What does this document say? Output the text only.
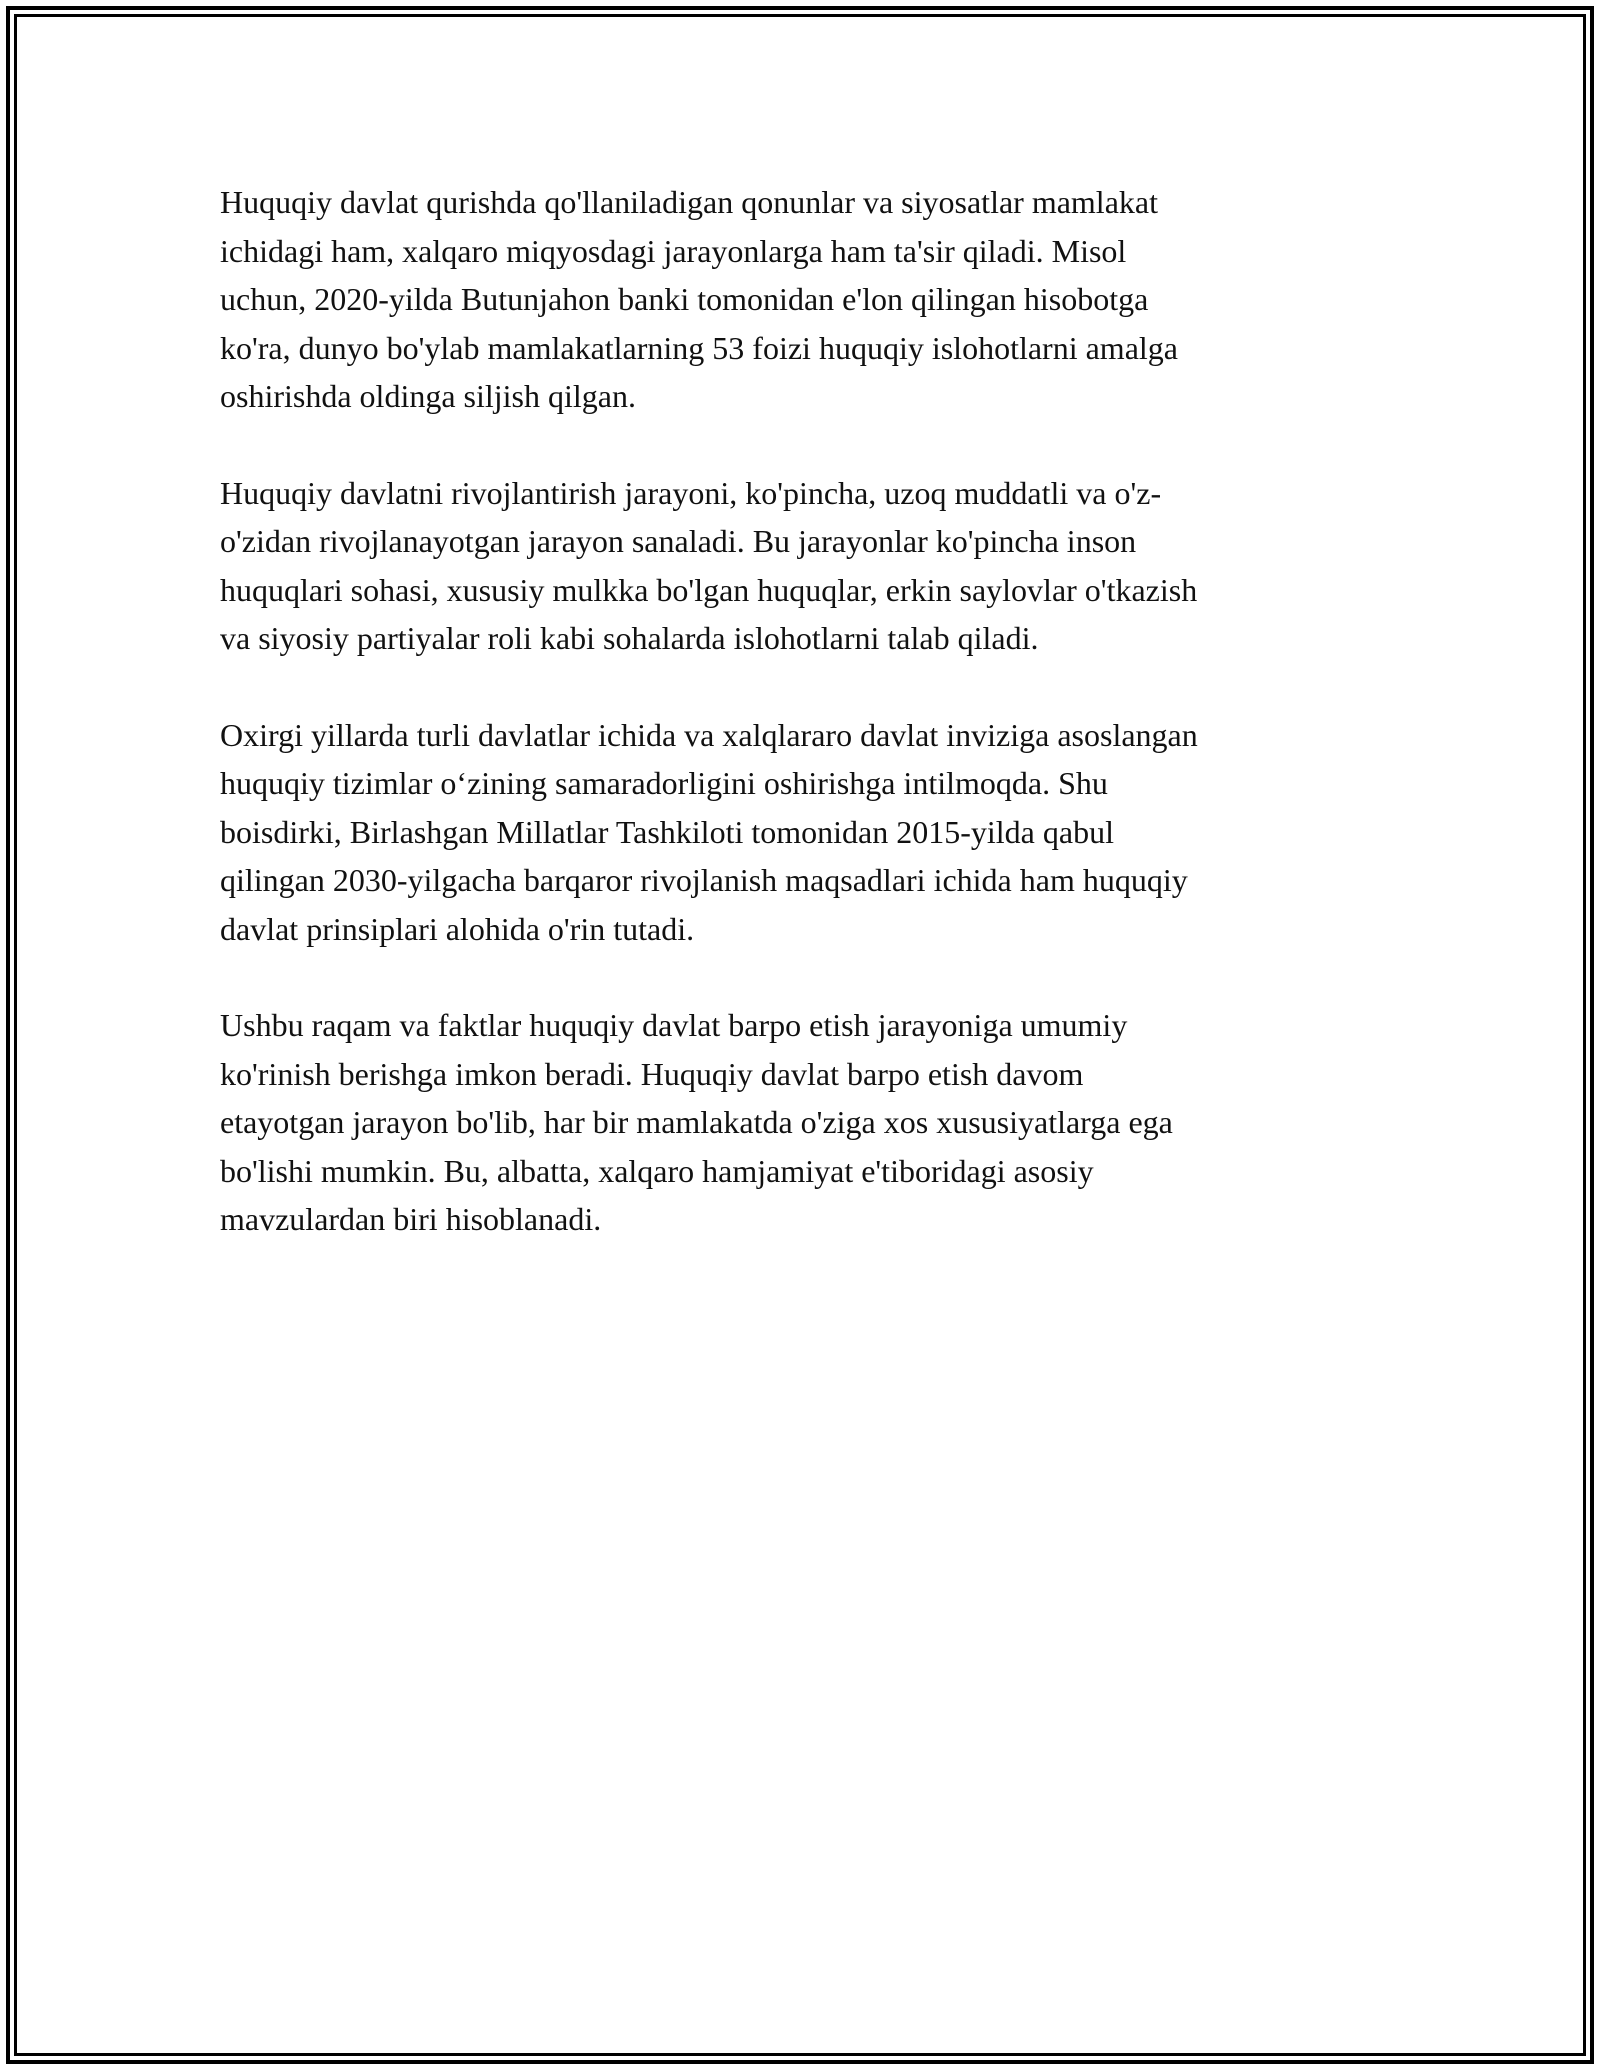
Huquqiy davlat qurishda qo'llaniladigan qonunlar va siyosatlar mamlakat
ichidagi ham, xalqaro miqyosdagi jarayonlarga ham ta'sir qiladi. Misol
uchun, 2020-yilda Butunjahon banki tomonidan e'lon qilingan hisobotga
ko'ra, dunyo bo'ylab mamlakatlarning 53 foizi huquqiy islohotlarni amalga
oshirishda oldinga siljish qilgan.

Huquqiy davlatni rivojlantirish jarayoni, ko'pincha, uzoq muddatli va o'z-
o'zidan rivojlanayotgan jarayon sanaladi. Bu jarayonlar ko'pincha inson
huquqlari sohasi, xususiy mulkka bo'lgan huquqlar, erkin saylovlar o'tkazish
va siyosiy partiyalar roli kabi sohalarda islohotlarni talab qiladi.

Oxirgi yillarda turli davlatlar ichida va xalqlararo davlat inviziga asoslangan
huquqiy tizimlar o‘zining samaradorligini oshirishga intilmoqda. Shu
boisdirki, Birlashgan Millatlar Tashkiloti tomonidan 2015-yilda qabul
qilingan 2030-yilgacha barqaror rivojlanish maqsadlari ichida ham huquqiy
davlat prinsiplari alohida o'rin tutadi.

Ushbu raqam va faktlar huquqiy davlat barpo etish jarayoniga umumiy
ko'rinish berishga imkon beradi. Huquqiy davlat barpo etish davom
etayotgan jarayon bo'lib, har bir mamlakatda o'ziga xos xususiyatlarga ega
bo'lishi mumkin. Bu, albatta, xalqaro hamjamiyat e'tiboridagi asosiy
mavzulardan biri hisoblanadi.
